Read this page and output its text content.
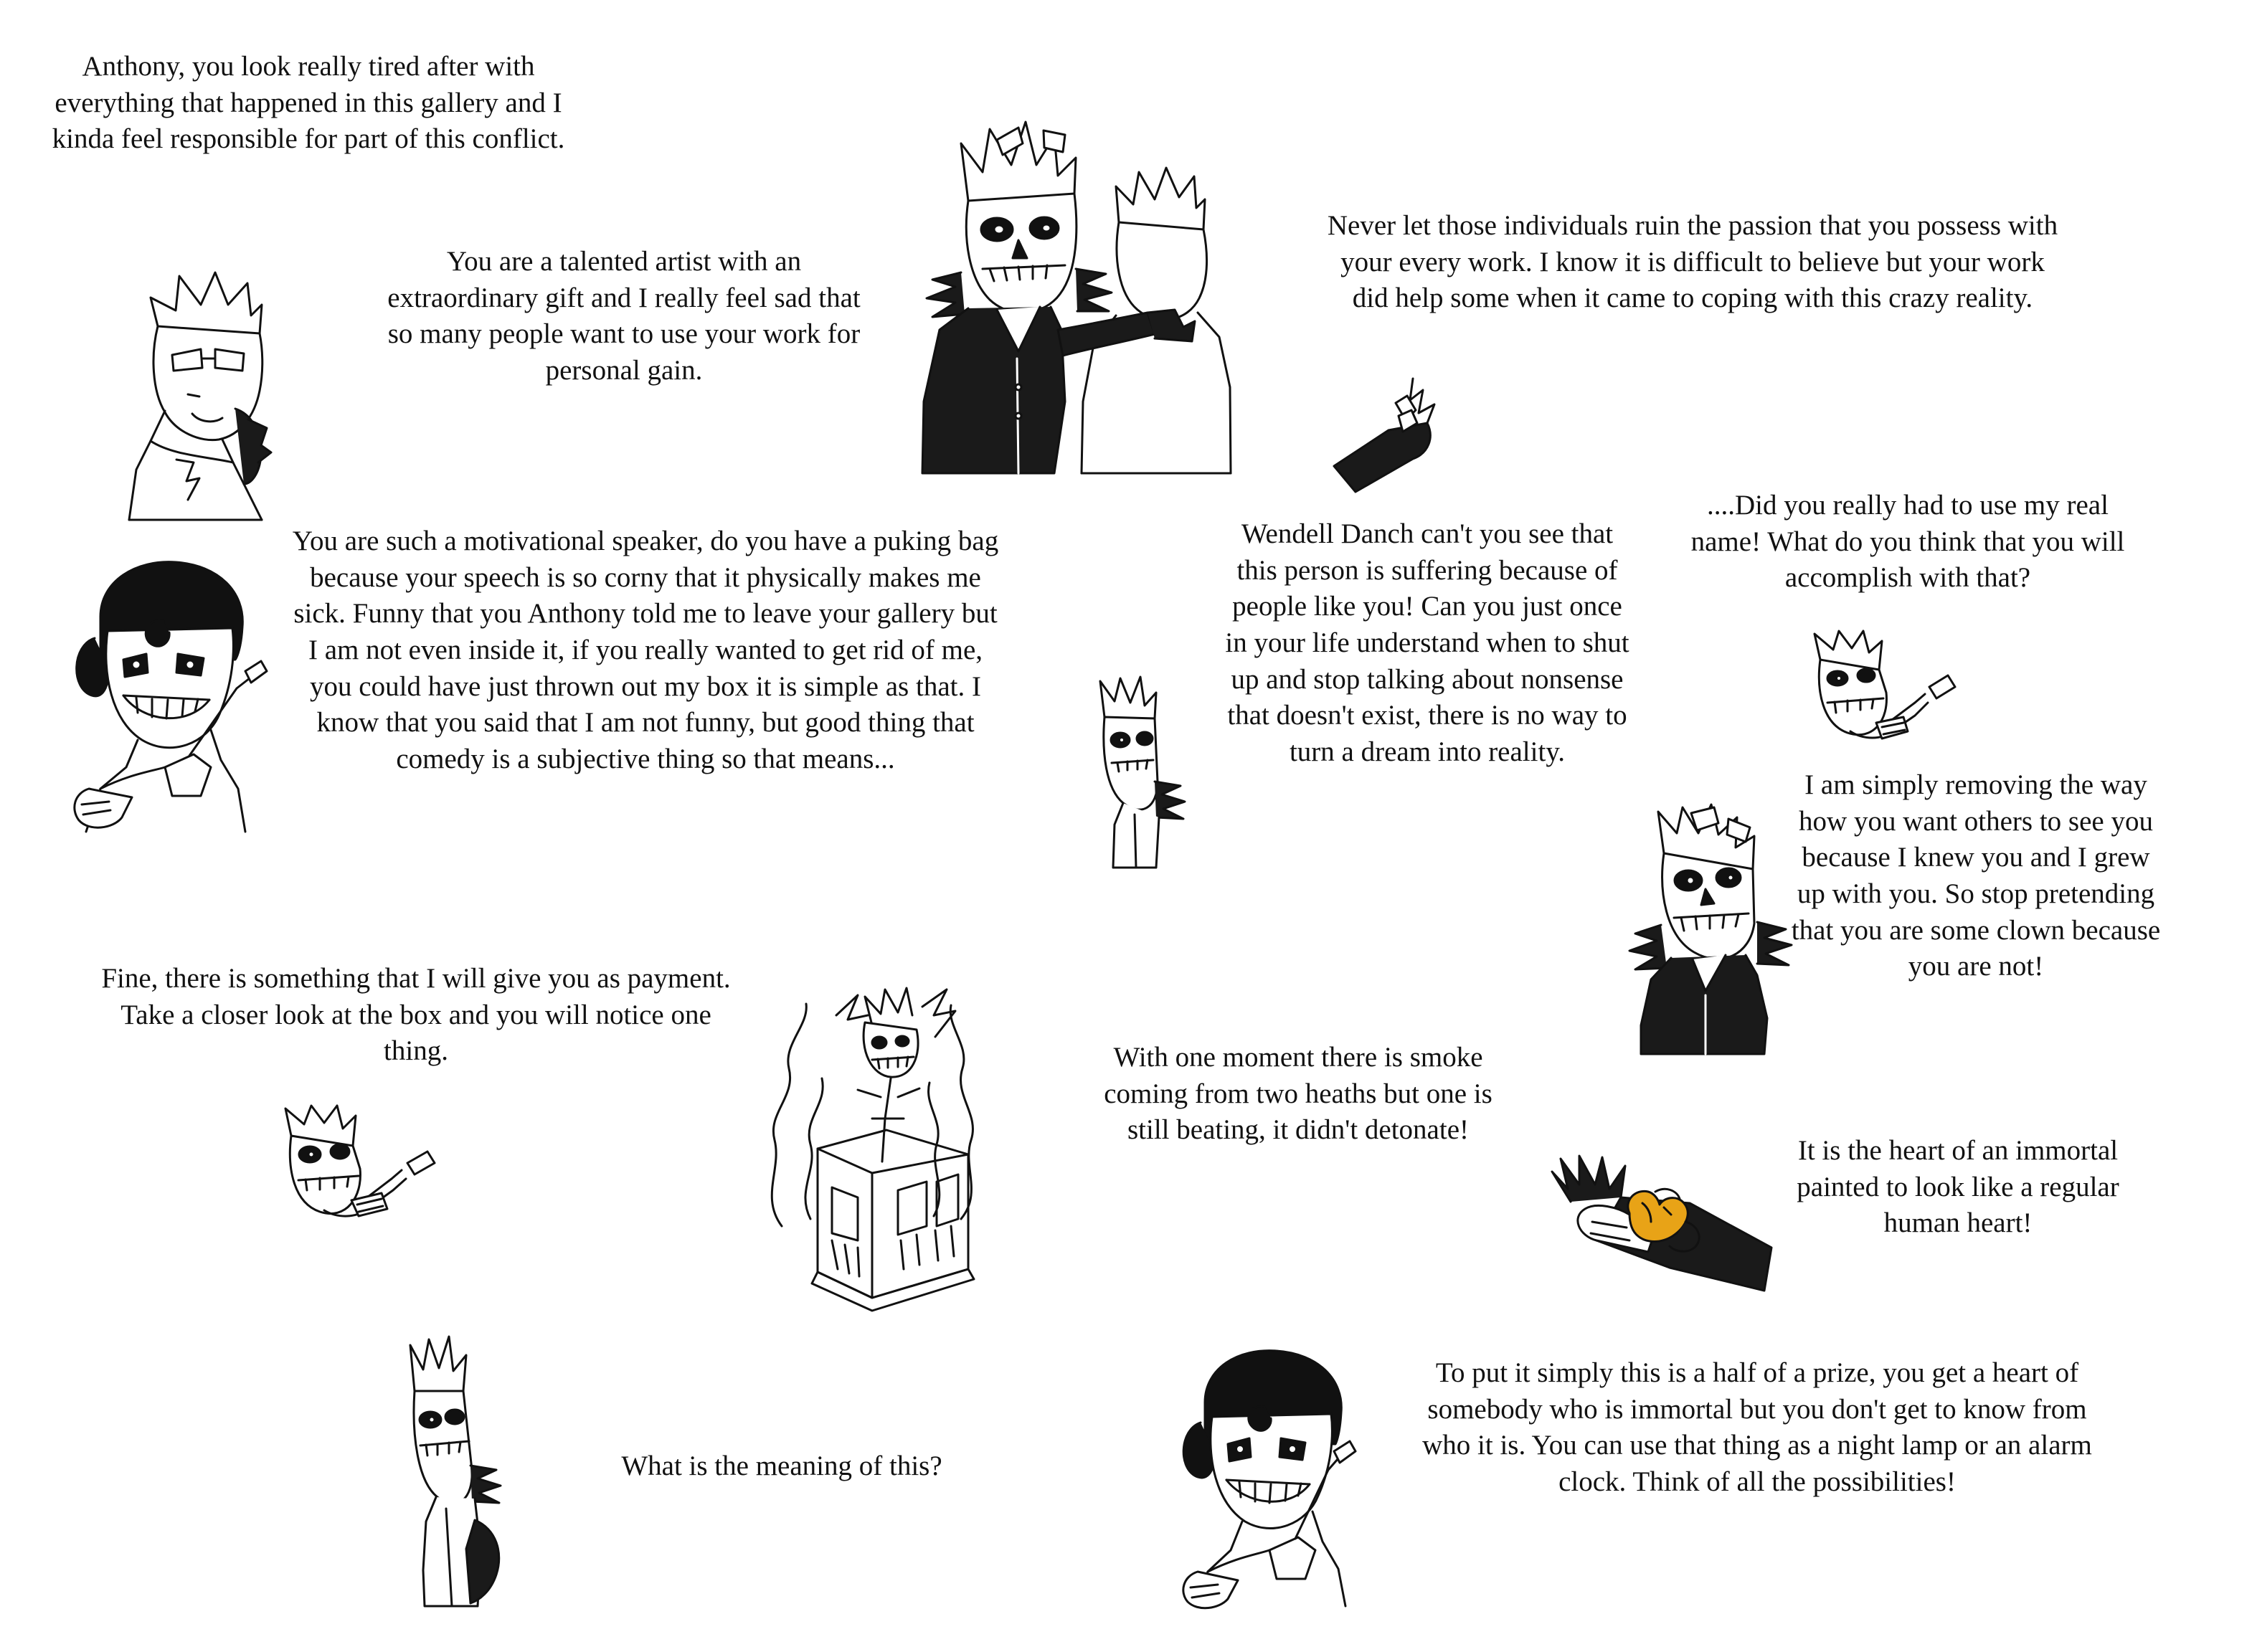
Anthony, you look really tired after with everything that happened in this gallery and I kinda feel responsible for part of this conflict.
You are a talented artist with an extraordinary gift and I really feel sad that so many people want to use your work for personal gain.
Never let those individuals ruin the passion that you possess with your every work. I know it is difficult to believe but your work did help some when it came to coping with this crazy reality.
You are such a motivational speaker, do you have a puking bag because your speech is so corny that it physically makes me sick. Funny that you Anthony told me to leave your gallery but I am not even inside it, if you really wanted to get rid of me, you could have just thrown out my box it is simple as that. I know that you said that I am not funny, but good thing that comedy is a subjective thing so that means...
Wendell Danch can't you see that this person is suffering because of people like you! Can you just once in your life understand when to shut up and stop talking about nonsense that doesn't exist, there is no way to turn a dream into reality.
....Did you really had to use my real name! What do you think that you will accomplish with that?
I am simply removing the way how you want others to see you because I knew you and I grew up with you. So stop pretending that you are some clown because you are not!
Fine, there is something that I will give you as payment. Take a closer look at the box and you will notice one thing.	With one moment there is smoke coming from two heaths but one is still beating, it didn't detonate!
It is the heart of an immortal painted to look like a regular human heart!
What is the meaning of this?
To put it simply this is a half of a prize, you get a heart of somebody who is immortal but you don't get to know from who it is. You can use that thing as a night lamp or an alarm clock. Think of all the possibilities!
